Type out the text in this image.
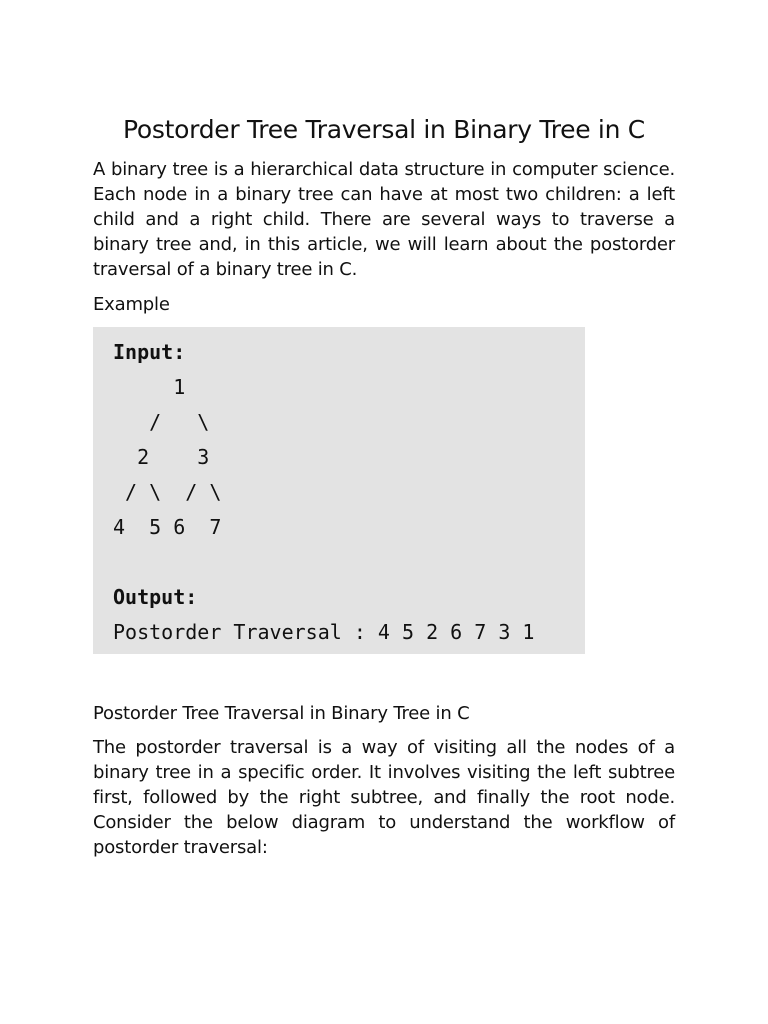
Postorder Tree Traversal in Binary Tree in C

A binary tree is a hierarchical data structure in computer science. Each node in a binary tree can have at most two children: a left child and a right child. There are several ways to traverse a binary tree and, in this article, we will learn about the postorder traversal of a binary tree in C.

Example
Input:
1
/   \
2    3
/ \  / \
4  5 6  7

Output:
Postorder Traversal : 4 5 2 6 7 3 1
Postorder Tree Traversal in Binary Tree in C

The postorder traversal is a way of visiting all the nodes of a binary tree in a specific order. It involves visiting the left subtree first, followed by the right subtree, and finally the root node. Consider the below diagram to understand the workflow of postorder traversal:
